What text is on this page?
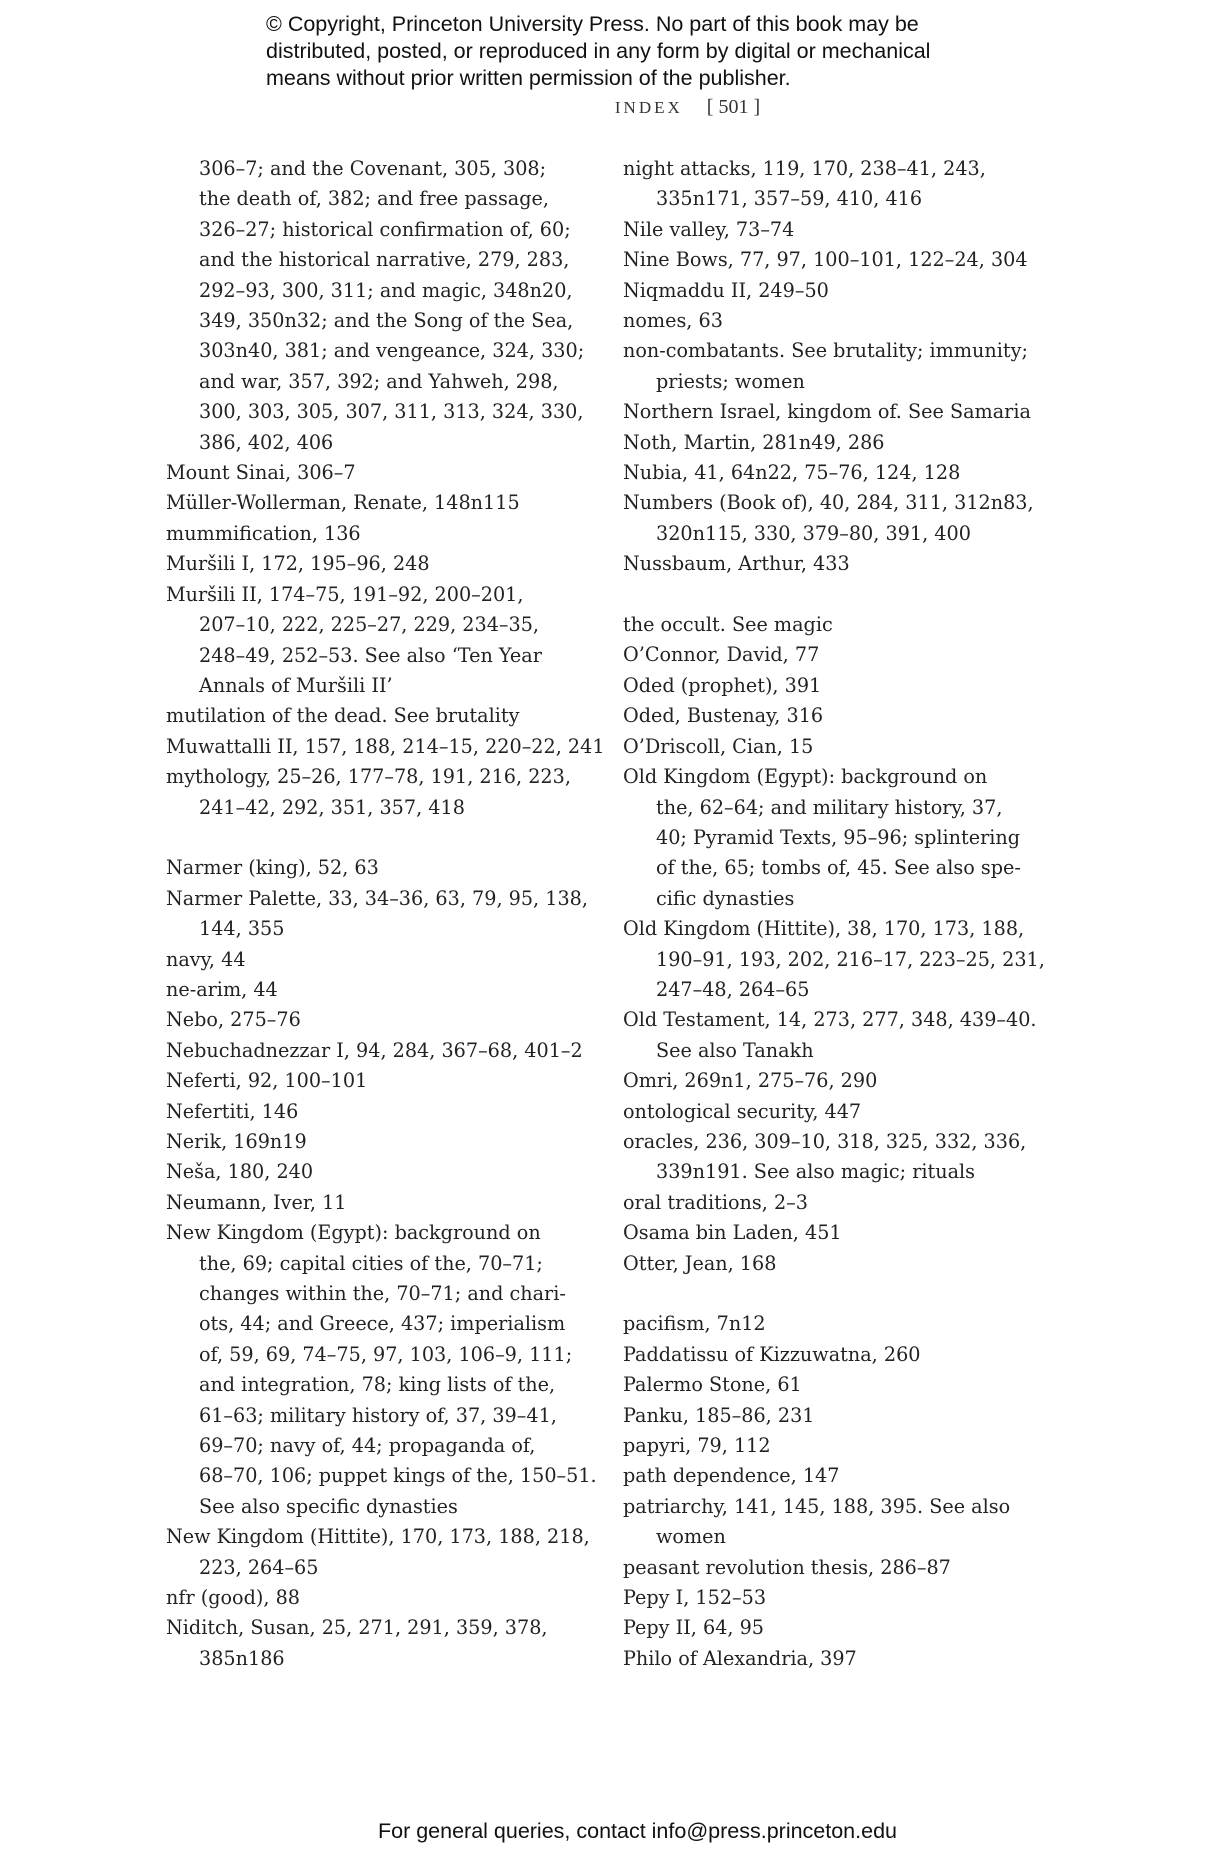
© Copyright, Princeton University Press. No part of this book may be
distributed, posted, or reproduced in any form by digital or mechanical
means without prior written permission of the publisher.
INDEX [ 501 ]
306–7; and the Covenant, 305, 308;
the death of, 382; and free passage,
326–27; historical confirmation of, 60;
and the historical narrative, 279, 283,
292–93, 300, 311; and magic, 348n20,
349, 350n32; and the Song of the Sea,
303n40, 381; and vengeance, 324, 330;
and war, 357, 392; and Yahweh, 298,
300, 303, 305, 307, 311, 313, 324, 330,
386, 402, 406
Mount Sinai, 306–7
Müller-Wollerman, Renate, 148n115
mummification, 136
Muršili I, 172, 195–96, 248
Muršili II, 174–75, 191–92, 200–201,
207–10, 222, 225–27, 229, 234–35,
248–49, 252–53. See also ‘Ten Year
Annals of Muršili II’
mutilation of the dead. See brutality
Muwattalli II, 157, 188, 214–15, 220–22, 241
mythology, 25–26, 177–78, 191, 216, 223,
241–42, 292, 351, 357, 418
Narmer (king), 52, 63
Narmer Palette, 33, 34–36, 63, 79, 95, 138,
144, 355
navy, 44
ne-arim, 44
Nebo, 275–76
Nebuchadnezzar I, 94, 284, 367–68, 401–2
Neferti, 92, 100–101
Nefertiti, 146
Nerik, 169n19
Neša, 180, 240
Neumann, Iver, 11
New Kingdom (Egypt): background on
the, 69; capital cities of the, 70–71;
changes within the, 70–71; and chari-
ots, 44; and Greece, 437; imperialism
of, 59, 69, 74–75, 97, 103, 106–9, 111;
and integration, 78; king lists of the,
61–63; military history of, 37, 39–41,
69–70; navy of, 44; propaganda of,
68–70, 106; puppet kings of the, 150–51.
See also specific dynasties
New Kingdom (Hittite), 170, 173, 188, 218,
223, 264–65
nfr (good), 88
Niditch, Susan, 25, 271, 291, 359, 378,
385n186
night attacks, 119, 170, 238–41, 243,
335n171, 357–59, 410, 416
Nile valley, 73–74
Nine Bows, 77, 97, 100–101, 122–24, 304
Niqmaddu II, 249–50
nomes, 63
non-combatants. See brutality; immunity;
priests; women
Northern Israel, kingdom of. See Samaria
Noth, Martin, 281n49, 286
Nubia, 41, 64n22, 75–76, 124, 128
Numbers (Book of), 40, 284, 311, 312n83,
320n115, 330, 379–80, 391, 400
Nussbaum, Arthur, 433
the occult. See magic
O’Connor, David, 77
Oded (prophet), 391
Oded, Bustenay, 316
O’Driscoll, Cian, 15
Old Kingdom (Egypt): background on
the, 62–64; and military history, 37,
40; Pyramid Texts, 95–96; splintering
of the, 65; tombs of, 45. See also spe-
cific dynasties
Old Kingdom (Hittite), 38, 170, 173, 188,
190–91, 193, 202, 216–17, 223–25, 231,
247–48, 264–65
Old Testament, 14, 273, 277, 348, 439–40.
See also Tanakh
Omri, 269n1, 275–76, 290
ontological security, 447
oracles, 236, 309–10, 318, 325, 332, 336,
339n191. See also magic; rituals
oral traditions, 2–3
Osama bin Laden, 451
Otter, Jean, 168
pacifism, 7n12
Paddatissu of Kizzuwatna, 260
Palermo Stone, 61
Panku, 185–86, 231
papyri, 79, 112
path dependence, 147
patriarchy, 141, 145, 188, 395. See also
women
peasant revolution thesis, 286–87
Pepy I, 152–53
Pepy II, 64, 95
Philo of Alexandria, 397
For general queries, contact info@press.princeton.edu
